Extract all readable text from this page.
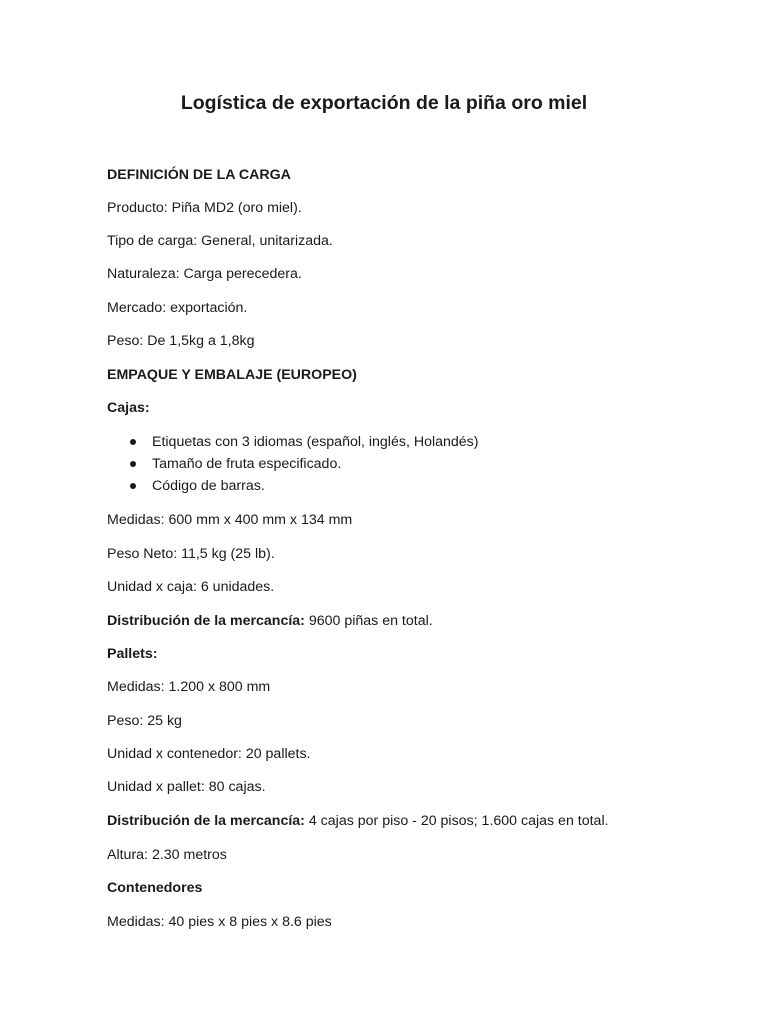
Logística de exportación de la piña oro miel

DEFINICIÓN DE LA CARGA

Producto: Piña MD2 (oro miel).

Tipo de carga: General, unitarizada.

Naturaleza: Carga perecedera.

Mercado: exportación.

Peso: De 1,5kg a 1,8kg

EMPAQUE Y EMBALAJE (EUROPEO)

Cajas:

Etiquetas con 3 idiomas (español, inglés, Holandés)
Tamaño de fruta especificado.
Código de barras.

Medidas: 600 mm x 400 mm x 134 mm

Peso Neto: 11,5 kg (25 lb).

Unidad x caja: 6 unidades.

Distribución de la mercancía: 9600 piñas en total.

Pallets:

Medidas: 1.200 x 800 mm

Peso: 25 kg

Unidad x contenedor: 20 pallets.

Unidad x pallet: 80 cajas.

Distribución de la mercancía: 4 cajas por piso - 20 pisos; 1.600 cajas en total.

Altura: 2.30 metros

Contenedores

Medidas: 40 pies x 8 pies x 8.6 pies
